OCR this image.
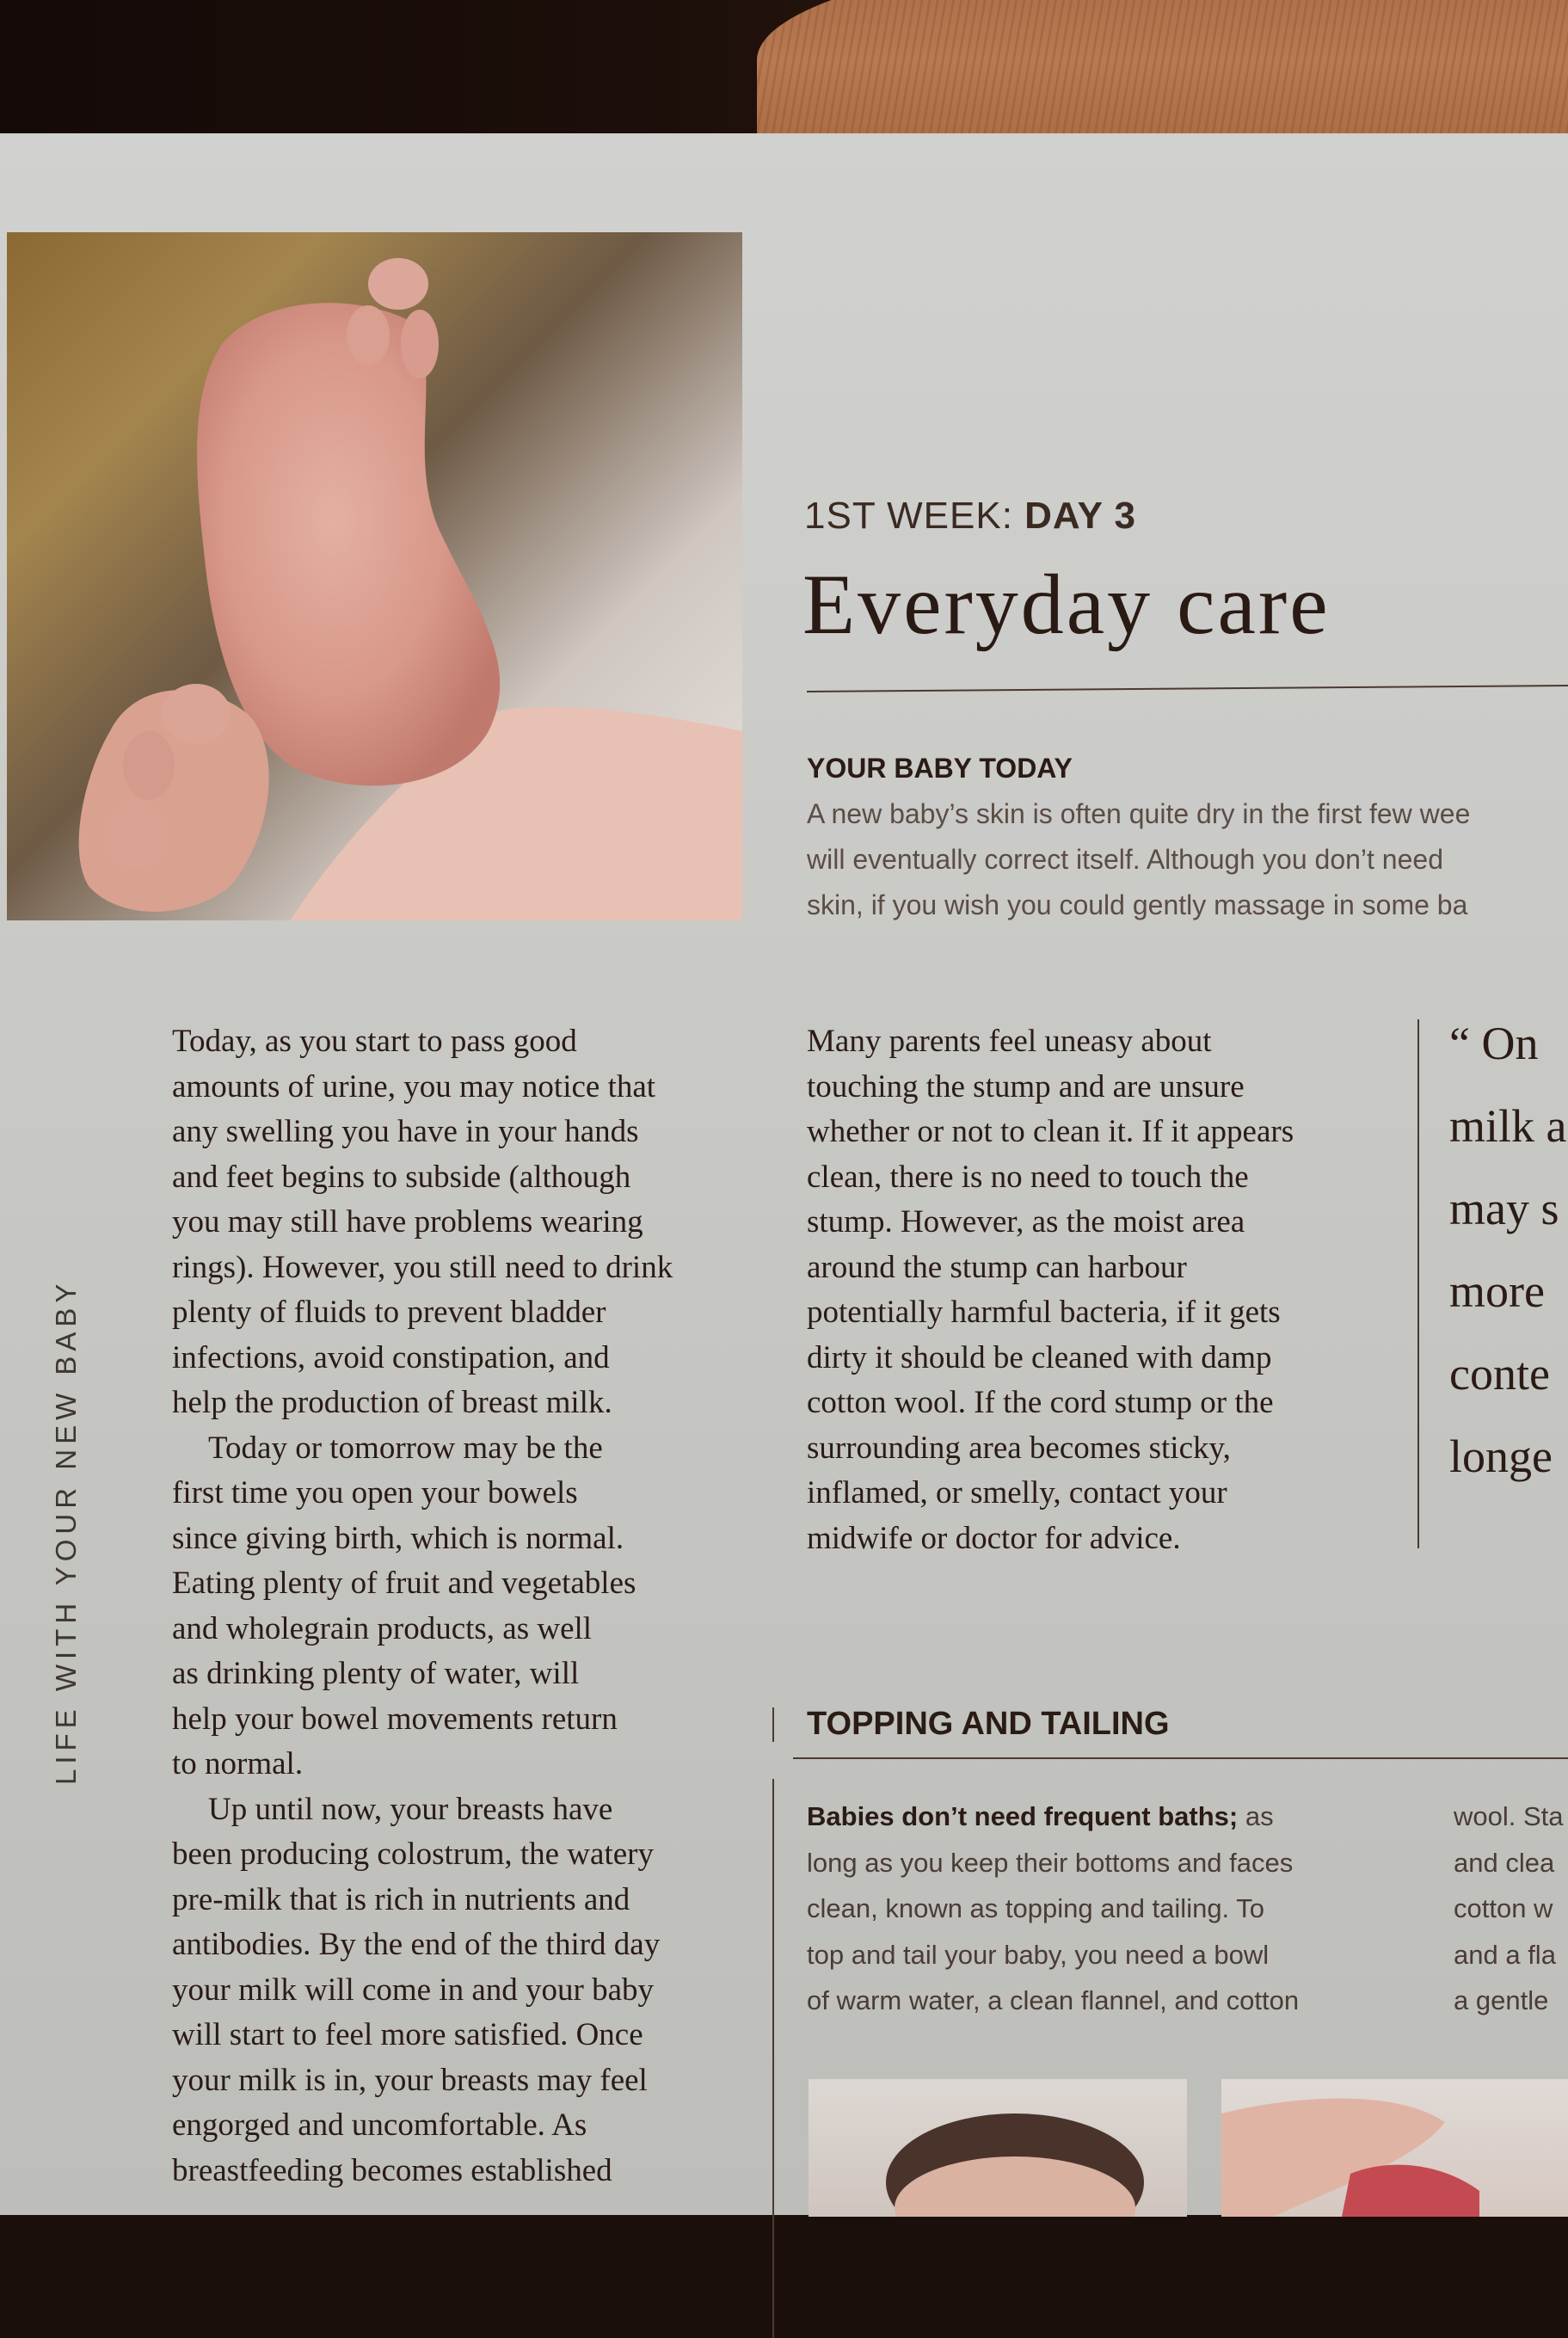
1ST WEEK: DAY 3
Everyday care
YOUR BABY TODAY
A new baby’s skin is often quite dry in the first few wee
will eventually correct itself. Although you don’t need
skin, if you wish you could gently massage in some ba
LIFE WITH YOUR NEW BABY
Today, as you start to pass good
amounts of urine, you may notice that
any swelling you have in your hands
and feet begins to subside (although
you may still have problems wearing
rings). However, you still need to drink
plenty of fluids to prevent bladder
infections, avoid constipation, and
help the production of breast milk.
Today or tomorrow may be the
first time you open your bowels
since giving birth, which is normal.
Eating plenty of fruit and vegetables
and wholegrain products, as well
as drinking plenty of water, will
help your bowel movements return
to normal.
Up until now, your breasts have
been producing colostrum, the watery
pre-milk that is rich in nutrients and
antibodies. By the end of the third day
your milk will come in and your baby
will start to feel more satisfied. Once
your milk is in, your breasts may feel
engorged and uncomfortable. As
breastfeeding becomes established
Many parents feel uneasy about
touching the stump and are unsure
whether or not to clean it. If it appears
clean, there is no need to touch the
stump. However, as the moist area
around the stump can harbour
potentially harmful bacteria, if it gets
dirty it should be cleaned with damp
cotton wool. If the cord stump or the
surrounding area becomes sticky,
inflamed, or smelly, contact your
midwife or doctor for advice.
“ On
milk a
may s
more
conte
longe
TOPPING AND TAILING
Babies don’t need frequent baths; as
long as you keep their bottoms and faces
clean, known as topping and tailing. To
top and tail your baby, you need a bowl
of warm water, a clean flannel, and cotton
wool. Sta
and clea
cotton w
and a fla
a gentle
